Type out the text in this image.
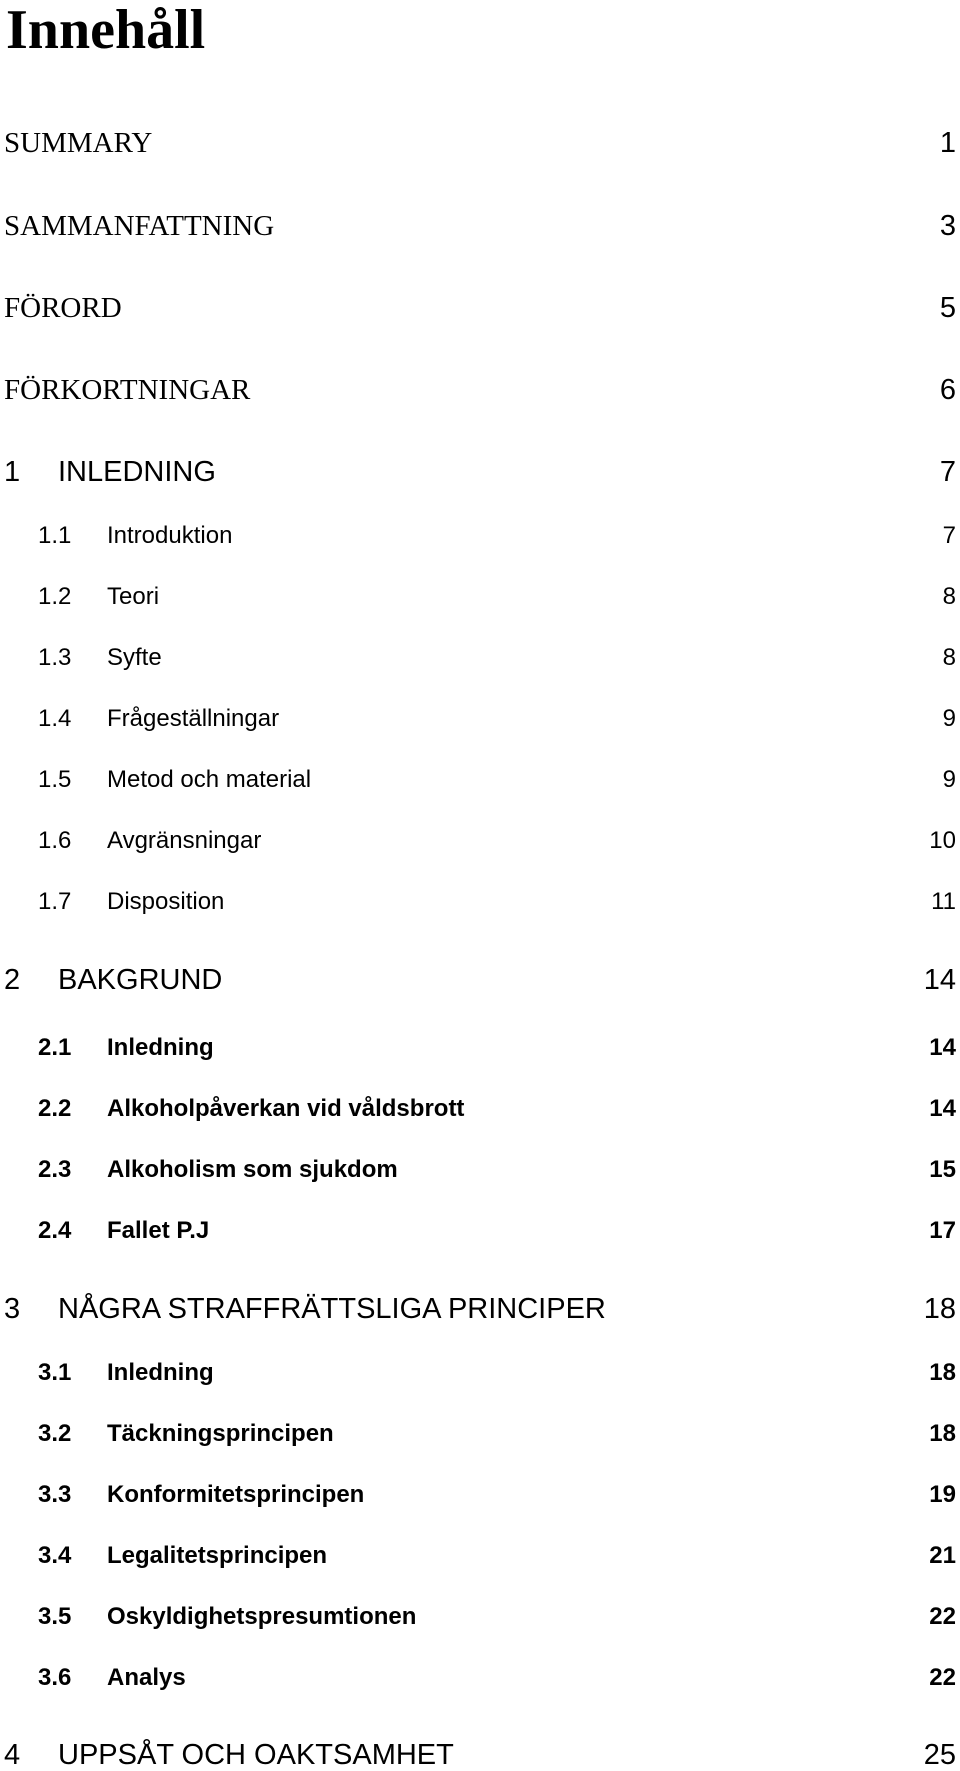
Innehåll
SUMMARY	1
SAMMANFATTNING	3
FÖRORD	5
FÖRKORTNINGAR	6
1 INLEDNING	7
1.1 Introduktion	7
1.2 Teori	8
1.3 Syfte	8
1.4 Frågeställningar	9
1.5 Metod och material	9
1.6 Avgränsningar	10
1.7 Disposition	11
2 BAKGRUND	14
2.1 Inledning	14
2.2 Alkoholpåverkan vid våldsbrott	14
2.3 Alkoholism som sjukdom	15
2.4 Fallet P.J	17
3 NÅGRA STRAFFRÄTTSLIGA PRINCIPER	18
3.1 Inledning	18
3.2 Täckningsprincipen	18
3.3 Konformitetsprincipen	19
3.4 Legalitetsprincipen	21
3.5 Oskyldighetspresumtionen	22
3.6 Analys	22
4 UPPSÅT OCH OAKTSAMHET	25
